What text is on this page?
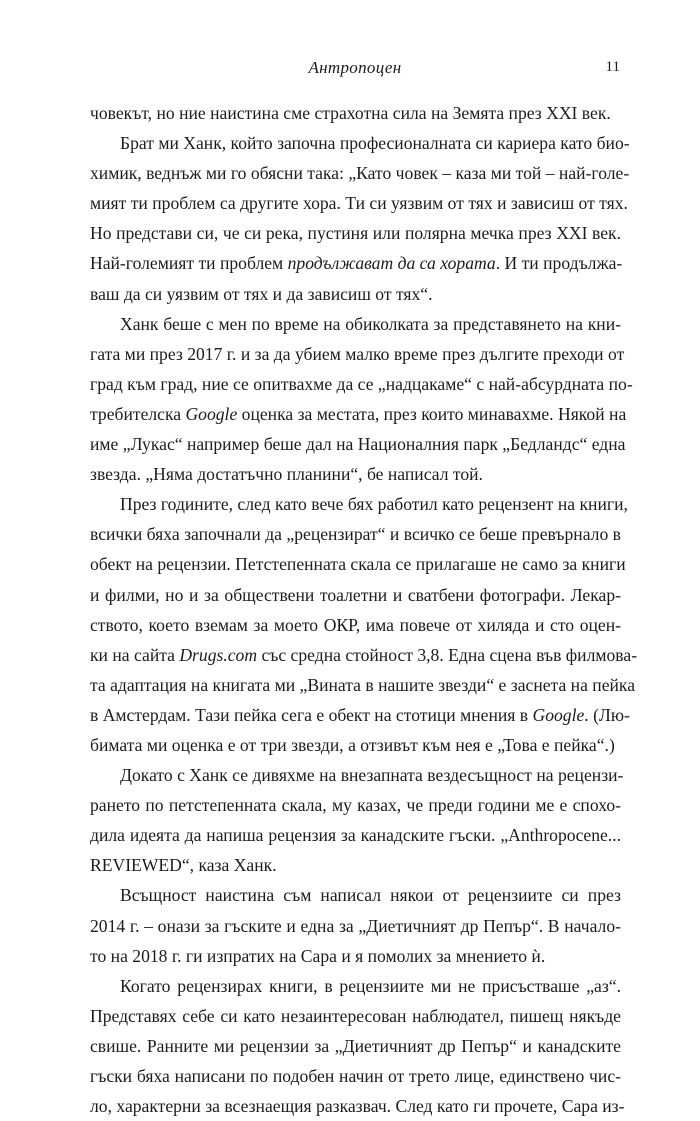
Антропоцен	11

човекът, но ние наистина сме страхотна сила на Земята през XXI век.

Брат ми Ханк, който започна професионалната си кариера като био-
химик, веднъж ми го обясни така: „Като човек – каза ми той – най-голе-
мият ти проблем са другите хора. Ти си уязвим от тях и зависиш от тях.
Но представи си, че си река, пустиня или полярна мечка през XXI век.
Най-големият ти проблем продължават да са хората. И ти продължа-
ваш да си уязвим от тях и да зависиш от тях“.

Ханк беше с мен по време на обиколката за представянето на кни-
гата ми през 2017 г. и за да убием малко време през дългите преходи от
град към град, ние се опитвахме да се „надцакаме“ с най-абсурдната по-
требителска Google оценка за местата, през които минавахме. Някой на
име „Лукас“ например беше дал на Националния парк „Бедландс“ една
звезда. „Няма достатъчно планини“, бе написал той.

През годините, след като вече бях работил като рецензент на книги,
всички бяха започнали да „рецензират“ и всичко се беше превърнало в
обект на рецензии. Петстепенната скала се прилагаше не само за книги
и филми, но и за обществени тоалетни и сватбени фотографи. Лекар-
ството, което вземам за моето ОКР, има повече от хиляда и сто оцен-
ки на сайта Drugs.com със средна стойност 3,8. Една сцена във филмова-
та адаптация на книгата ми „Вината в нашите звезди“ е заснета на пейка
в Амстердам. Тази пейка сега е обект на стотици мнения в Google. (Лю-
бимата ми оценка е от три звезди, а отзивът към нея е „Това е пейка“.)

Докато с Ханк се дивяхме на внезапната вездесъщност на рецензи-
рането по петстепенната скала, му казах, че преди години ме е спохо-
дила идеята да напиша рецензия за канадските гъски. „Anthropocene...
REVIEWED“, каза Ханк.

Всъщност наистина съм написал някои от рецензиите си през
2014 г. – онази за гъските и една за „Диетичният др Пепър“. В начало-
то на 2018 г. ги изпратих на Сара и я помолих за мнението ѝ.

Когато рецензирах книги, в рецензиите ми не присъстваше „аз“.
Представях себе си като незаинтересован наблюдател, пишещ някъде
свише. Ранните ми рецензии за „Диетичният др Пепър“ и канадските
гъски бяха написани по подобен начин от трето лице, единствено чис-
ло, характерни за всезнаещия разказвач. След като ги прочете, Сара из-
